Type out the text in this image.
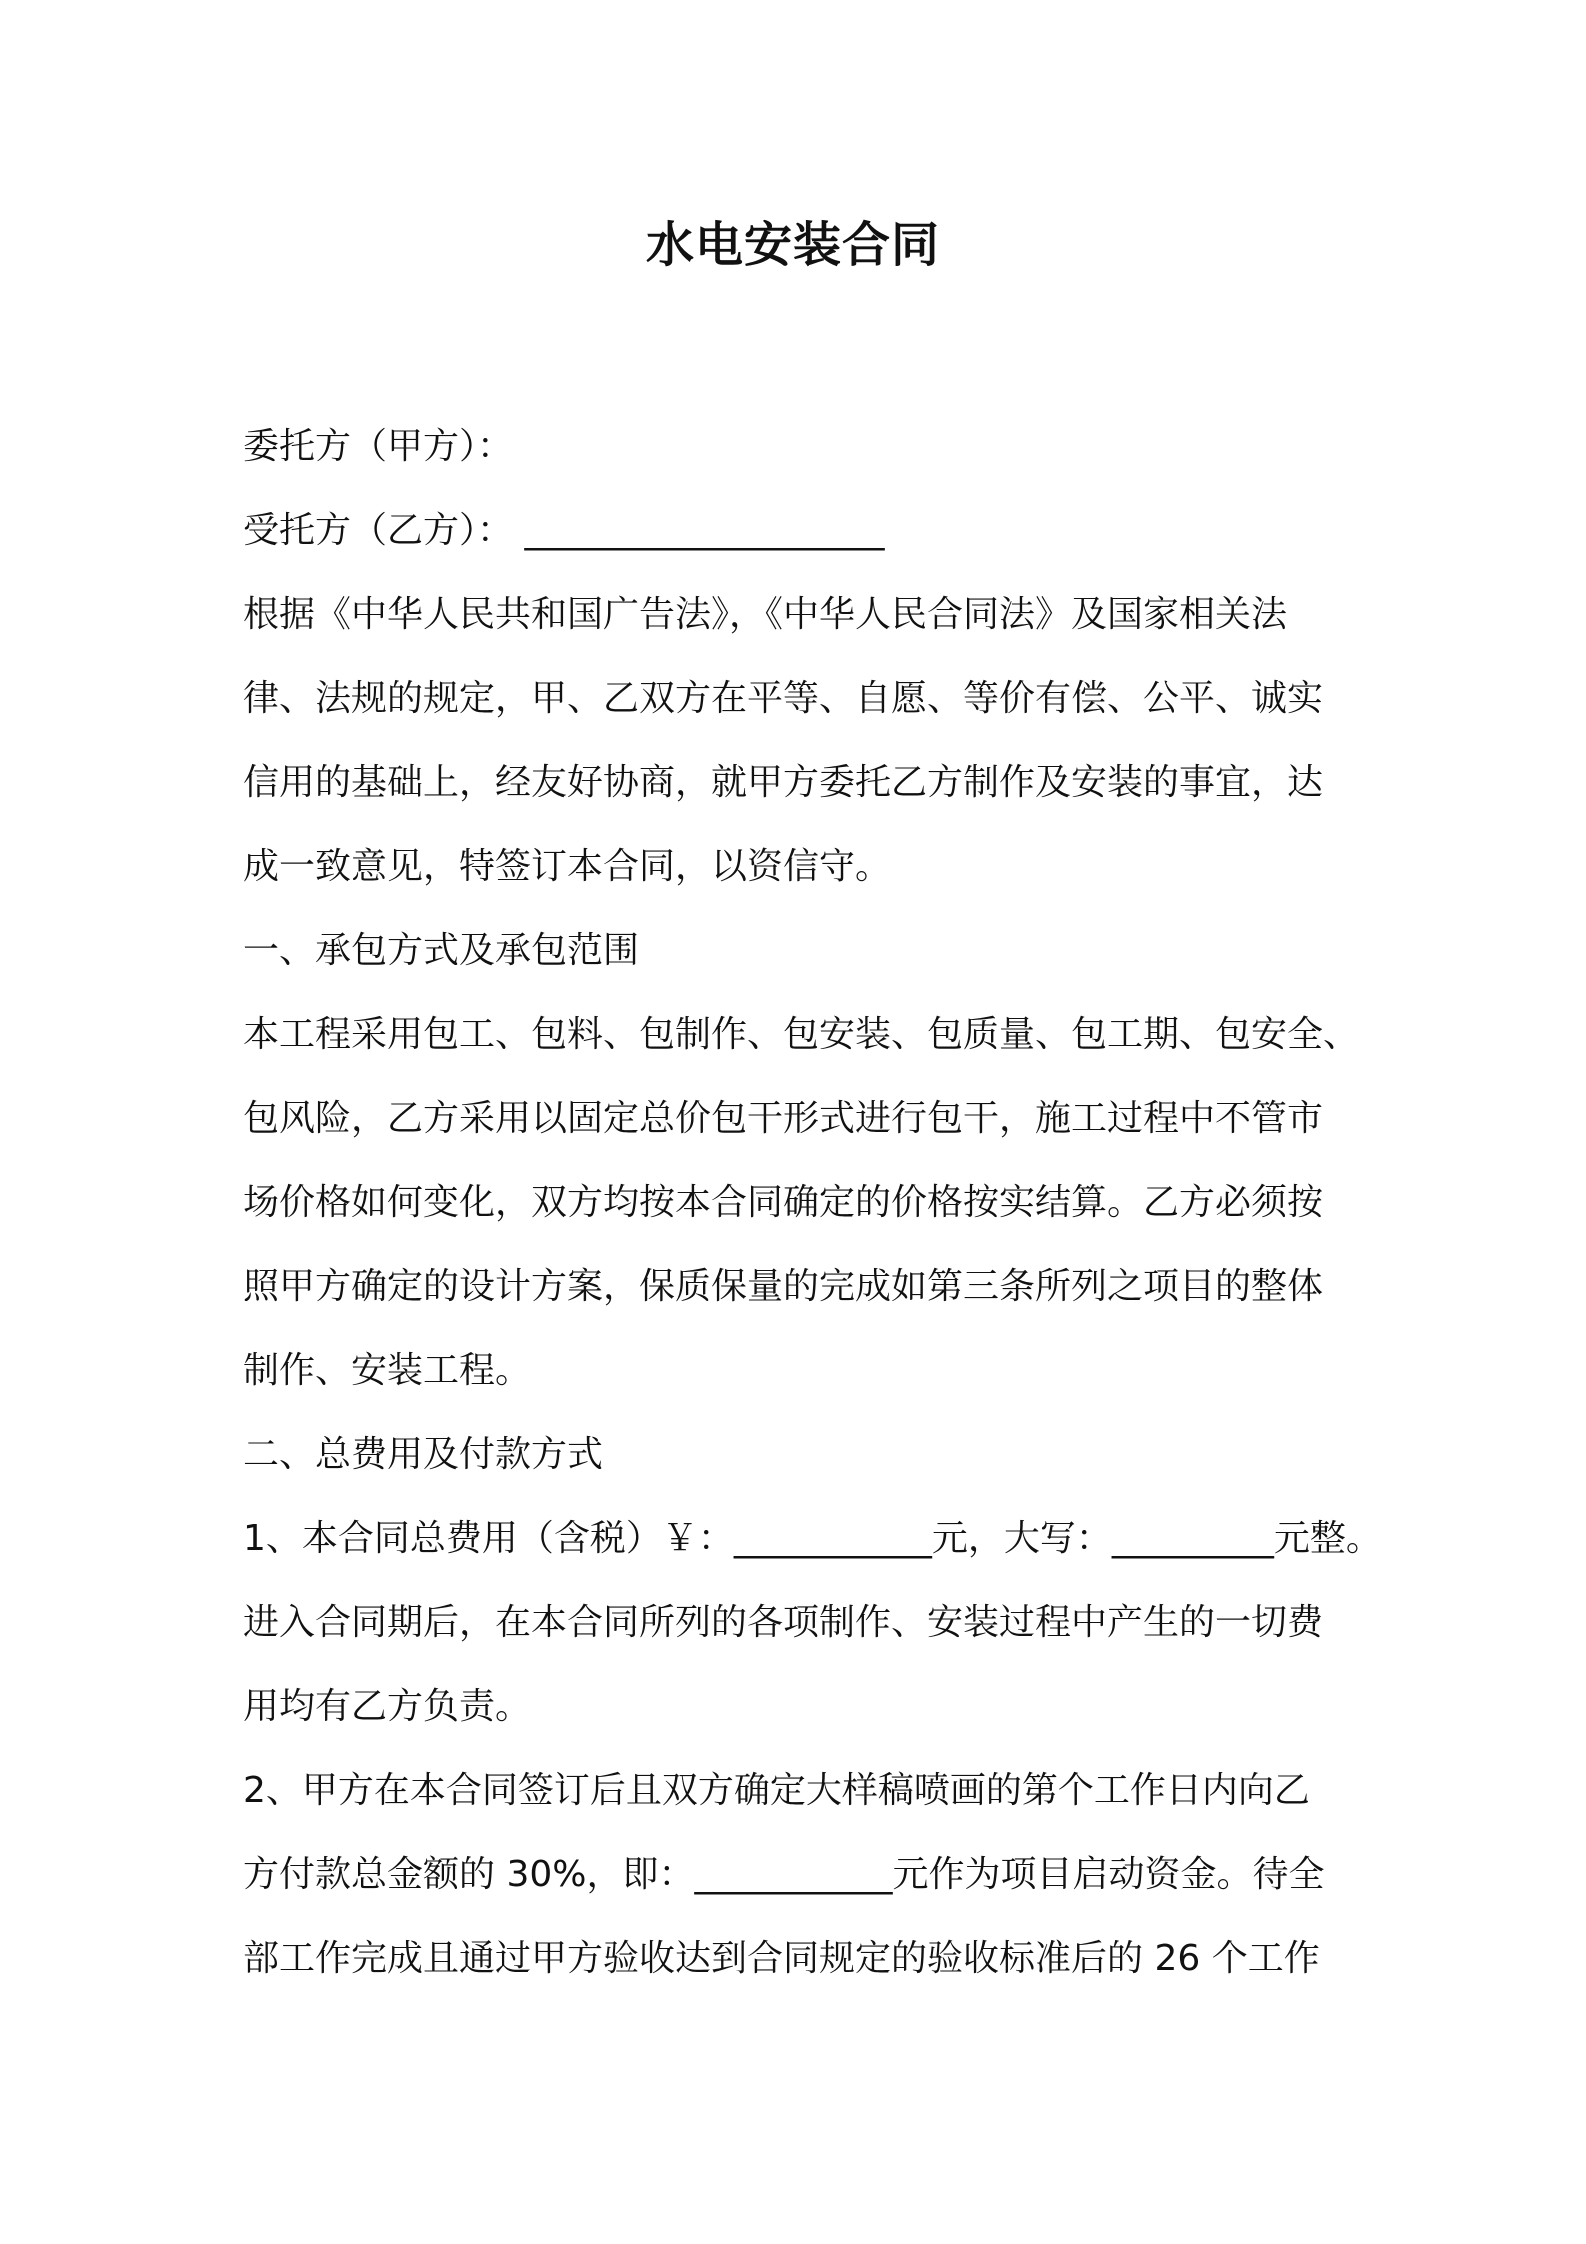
水电安装合同
委托方（甲方）：
受托方（乙方）： ____________________
根据《中华人民共和国广告法》，《中华人民合同法》及国家相关法
律、法规的规定，甲、乙双方在平等、自愿、等价有偿、公平、诚实
信用的基础上，经友好协商，就甲方委托乙方制作及安装的事宜，达
成一致意见，特签订本合同，以资信守。
一、承包方式及承包范围
本工程采用包工、包料、包制作、包安装、包质量、包工期、包安全、
包风险，乙方采用以固定总价包干形式进行包干，施工过程中不管市
场价格如何变化，双方均按本合同确定的价格按实结算。乙方必须按
照甲方确定的设计方案，保质保量的完成如第三条所列之项目的整体
制作、安装工程。
二、总费用及付款方式
1、本合同总费用（含税）￥：___________元，大写：_________元整。
进入合同期后，在本合同所列的各项制作、安装过程中产生的一切费
用均有乙方负责。
2、甲方在本合同签订后且双方确定大样稿喷画的第个工作日内向乙
方付款总金额的 30%，即：___________元作为项目启动资金。待全
部工作完成且通过甲方验收达到合同规定的验收标准后的 26 个工作
